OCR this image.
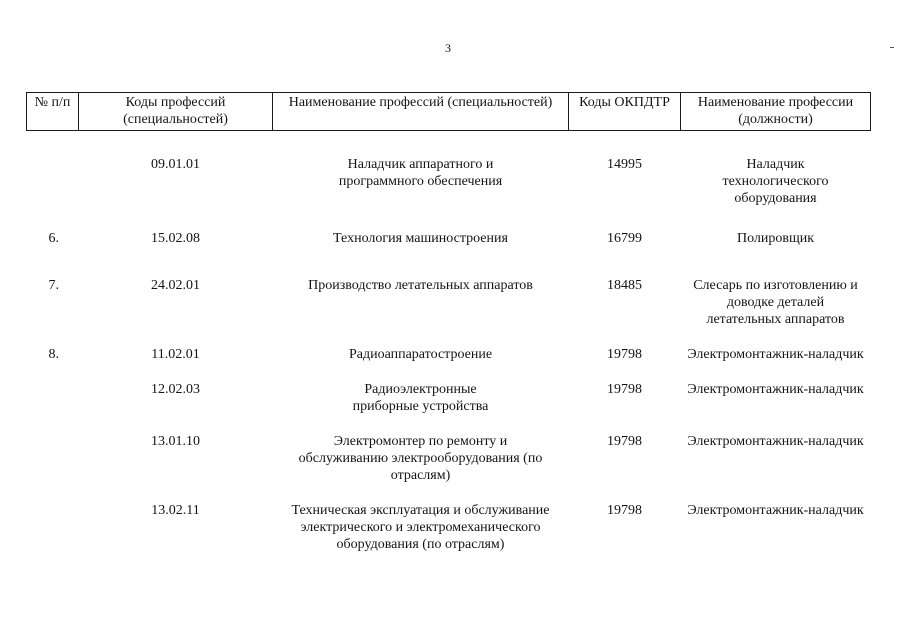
3
№ п/п	Коды профессий (специальностей)	Наименование профессий (специальностей)	Коды ОКПДТР	Наименование профессии (должности)
	09.01.01	Наладчик аппаратного и программного обеспечения	14995	Наладчик технологического оборудования
6.	15.02.08	Технология машиностроения	16799	Полировщик
7.	24.02.01	Производство летательных аппаратов	18485	Слесарь по изготовлению и доводке деталей летательных аппаратов
8.	11.02.01	Радиоаппаратостроение	19798	Электромонтажник-наладчик
	12.02.03	Радиоэлектронные приборные устройства	19798	Электромонтажник-наладчик
	13.01.10	Электромонтер по ремонту и обслуживанию электрооборудования (по отраслям)	19798	Электромонтажник-наладчик
	13.02.11	Техническая эксплуатация и обслуживание электрического и электромеханического оборудования (по отраслям)	19798	Электромонтажник-наладчик
